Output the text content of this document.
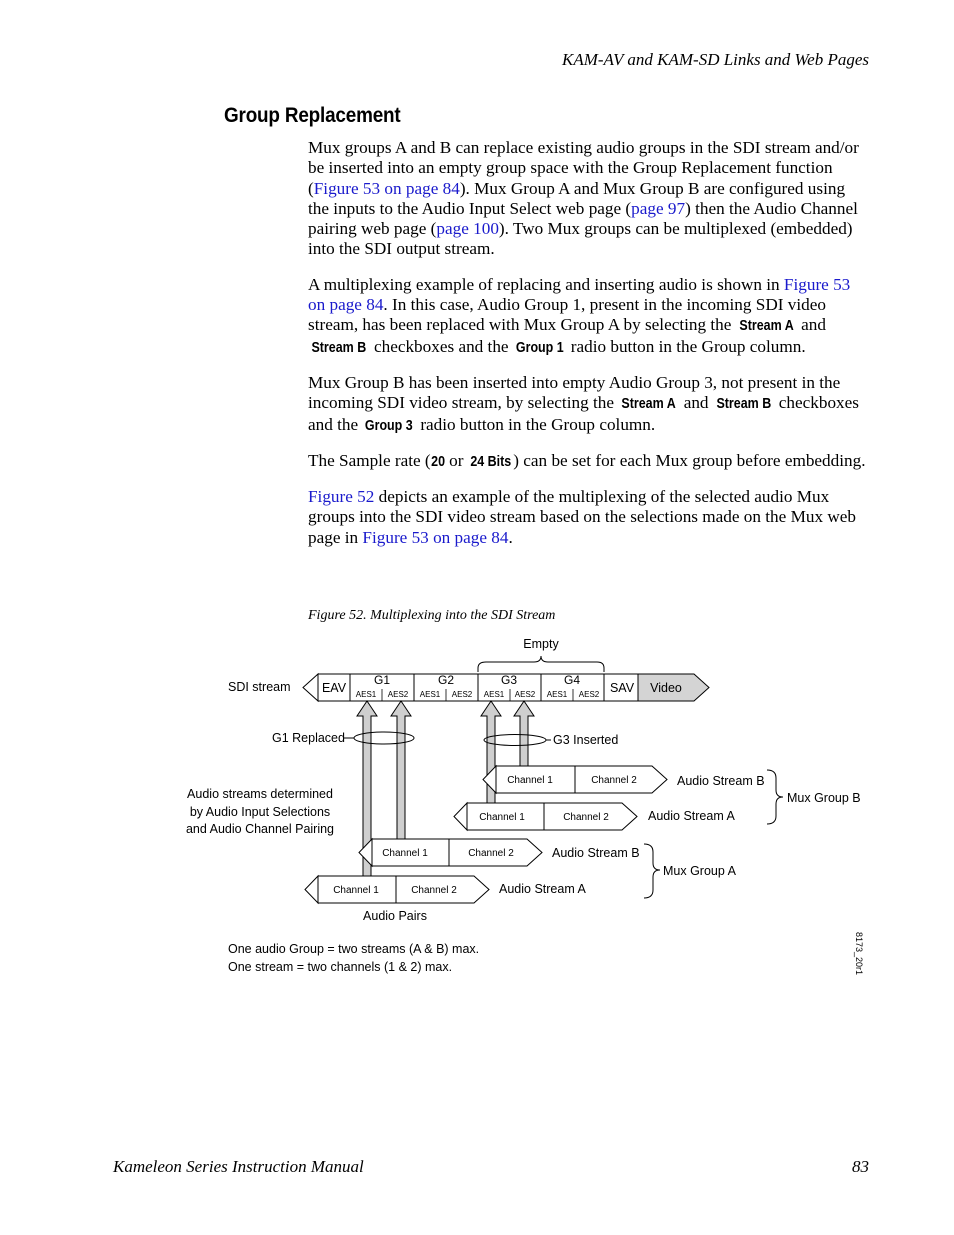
KAM-AV and KAM-SD Links and Web Pages
Group Replacement

Mux groups A and B can replace existing audio groups in the SDI stream and/or be inserted into an empty group space with the Group Replacement function (Figure 53 on page 84). Mux Group A and Mux Group B are configured using the inputs to the Audio Input Select web page (page 97) then the Audio Channel pairing web page (page 100). Two Mux groups can be multiplexed (embedded) into the SDI output stream.

A multiplexing example of replacing and inserting audio is shown in Figure 53 on page 84. In this case, Audio Group 1, present in the incoming SDI video stream, has been replaced with Mux Group A by selecting the Stream A and Stream B checkboxes and the Group 1 radio button in the Group column.

Mux Group B has been inserted into empty Audio Group 3, not present in the incoming SDI video stream, by selecting the Stream A and Stream B checkboxes and the Group 3 radio button in the Group column.

The Sample rate (20 or 24 Bits ) can be set for each Mux group before embedding.

Figure 52 depicts an example of the multiplexing of the selected audio Mux groups into the SDI video stream based on the selections made on the Mux web page in Figure 53 on page 84.

Figure 52. Multiplexing into the SDI Stream
Empty
SDI stream	EAV
G1	G2	G3	G4
AES1 AES2 AES1 AES2 AES1 AES2 AES1 AES2 SAV Video
G1 Replaced	G3 Inserted
Channel 1	Channel 2	Audio Stream B
Channel 1	Channel 2	Audio Stream A
Mux Group B
Audio streams determined
by Audio Input Selections
and Audio Channel Pairing
Channel 1	Channel 2	Audio Stream B
Channel 1	Channel 2	Audio Stream A
Mux Group A
Audio Pairs
One audio Group = two streams (A & B) max.
One stream = two channels (1 & 2) max.	8173_20r1
Kameleon Series Instruction Manual	83
